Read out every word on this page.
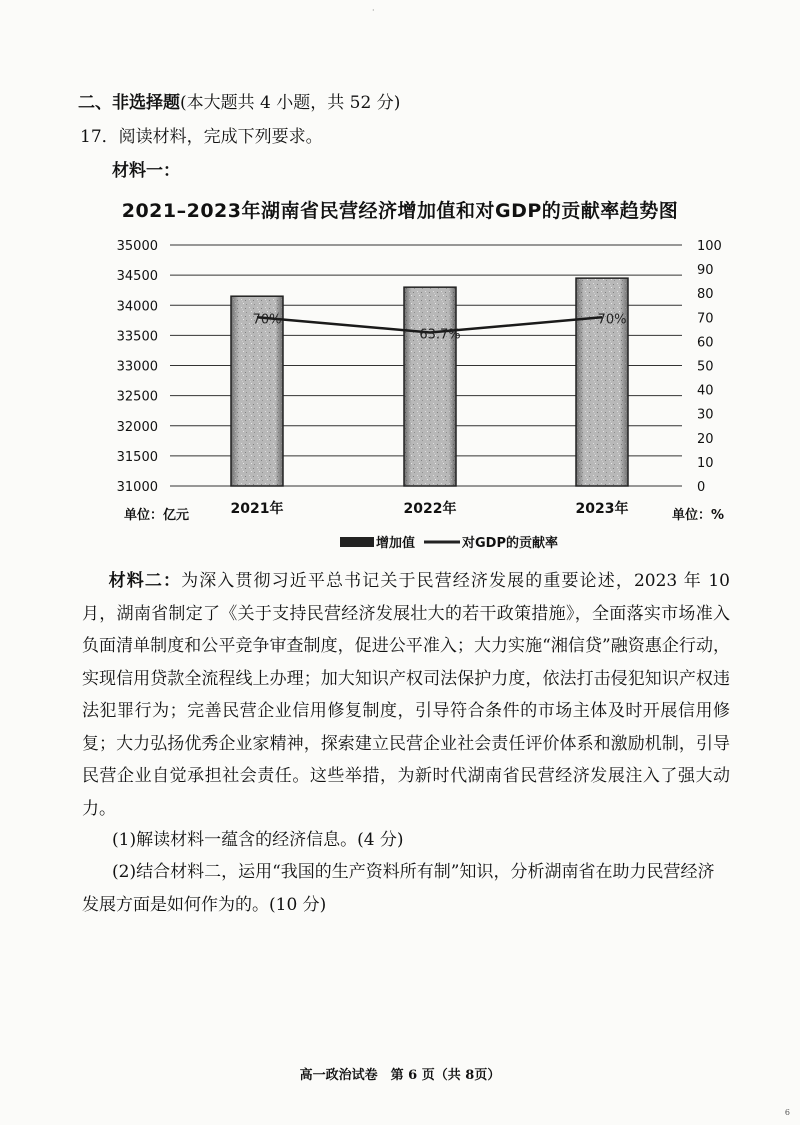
·
二、非选择题(本大题共 4 小题，共 52 分)
17．阅读材料，完成下列要求。
材料一：
2021–2023年湖南省民营经济增加值和对GDP的贡献率趋势图
70%
63.7%
70%
35000
34500
34000
33500
33000
32500
32000
31500
31000
100
90
80
70
60
50
40
30
20
10
0
2021年	2022年	2023年
单位：亿元	单位：%
增加值	对GDP的贡献率
  材料二：为深入贯彻习近平总书记关于民营经济发展的重要论述，2023 年 10 月，湖南省制定了《关于支持民营经济发展壮大的若干政策措施》，全面落实市场准入负面清单制度和公平竞争审查制度，促进公平准入；大力实施“湘信贷”融资惠企行动，实现信用贷款全流程线上办理；加大知识产权司法保护力度，依法打击侵犯知识产权违法犯罪行为；完善民营企业信用修复制度，引导符合条件的市场主体及时开展信用修复；大力弘扬优秀企业家精神，探索建立民营企业社会责任评价体系和激励机制，引导民营企业自觉承担社会责任。这些举措，为新时代湖南省民营经济发展注入了强大动力。
(1)解读材料一蕴含的经济信息。(4 分)
(2)结合材料二，运用“我国的生产资料所有制”知识，分析湖南省在助力民营经济发展方面是如何作为的。(10 分)
高一政治试卷　第 6 页（共 8页）
6
